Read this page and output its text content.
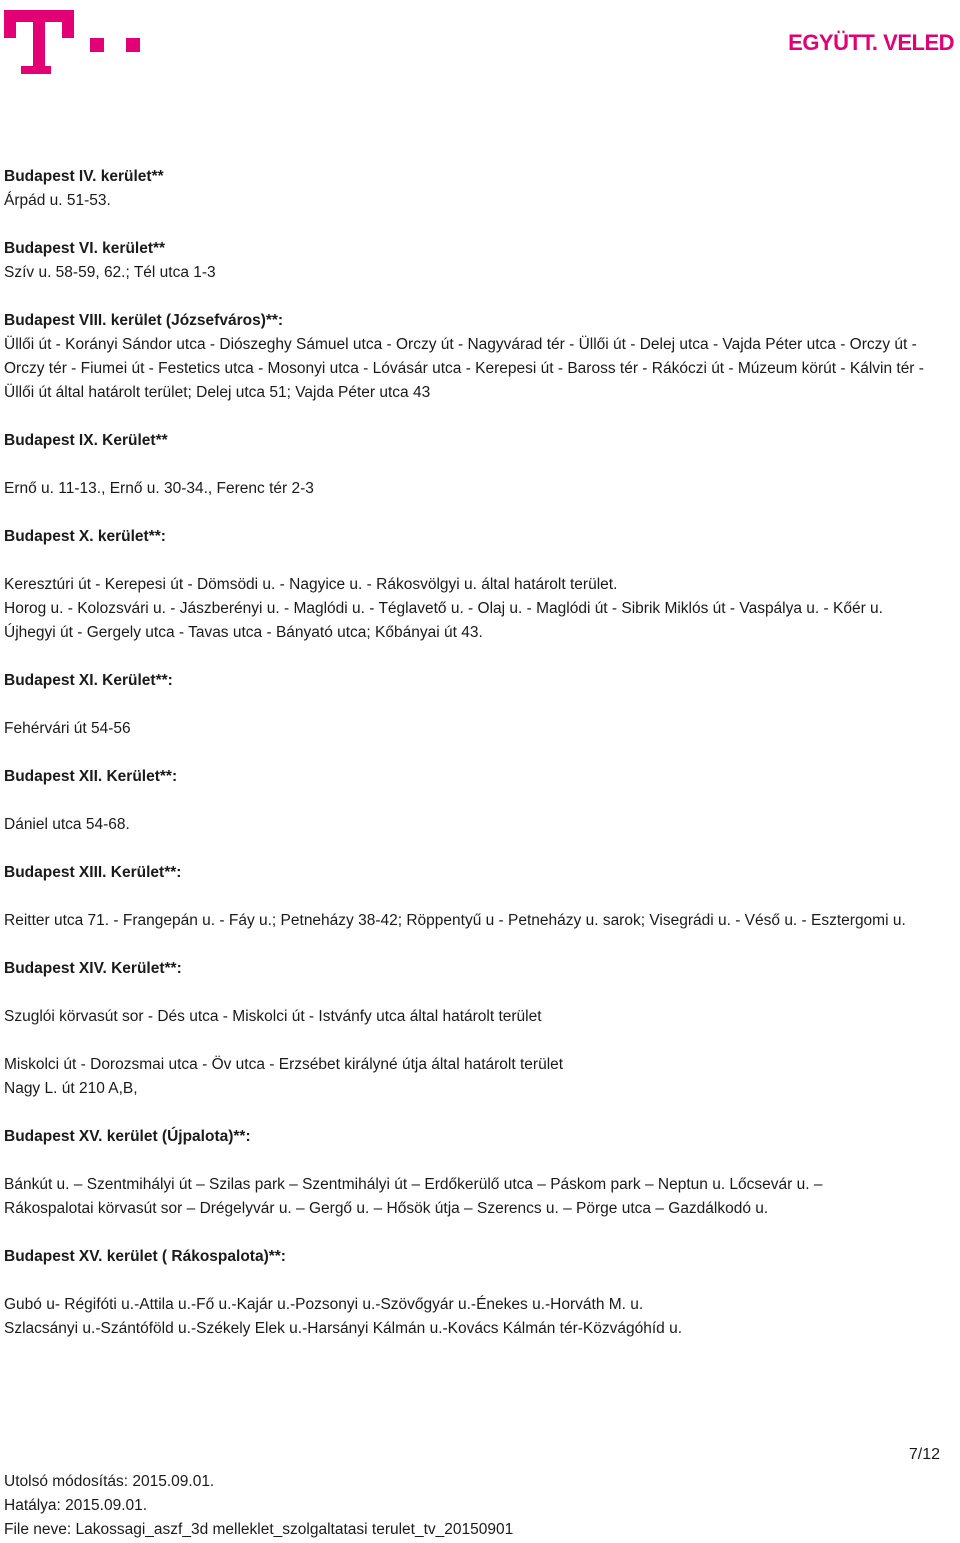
EGYÜTT. VELED
Budapest IV. kerület**
Árpád u. 51-53.
Budapest VI. kerület**
Szív u. 58-59, 62.; Tél utca 1-3
Budapest VIII. kerület (Józsefváros)**:
Üllői út - Korányi Sándor utca - Diószeghy Sámuel utca - Orczy út - Nagyvárad tér - Üllői út - Delej utca - Vajda Péter utca - Orczy út -
Orczy tér - Fiumei út - Festetics utca - Mosonyi utca - Lóvásár utca - Kerepesi út - Baross tér - Rákóczi út - Múzeum körút - Kálvin tér -
Üllői út által határolt terület; Delej utca 51; Vajda Péter utca 43
Budapest IX. Kerület**
Ernő u. 11-13., Ernő u. 30-34., Ferenc tér 2-3
Budapest X. kerület**:
Keresztúri út - Kerepesi út - Dömsödi u. - Nagyice u. - Rákosvölgyi u. által határolt terület.
Horog u. - Kolozsvári u. - Jászberényi u. - Maglódi u. - Téglavető u. - Olaj u. - Maglódi út - Sibrik Miklós út - Vaspálya u. - Kőér u.
Újhegyi út - Gergely utca - Tavas utca - Bányató utca; Kőbányai út 43.
Budapest XI. Kerület**:
Fehérvári út 54-56
Budapest XII. Kerület**:
Dániel utca 54-68.
Budapest XIII. Kerület**:
Reitter utca 71. - Frangepán u. - Fáy u.; Petneházy 38-42; Röppentyű u - Petneházy u. sarok; Visegrádi u. - Véső u. - Esztergomi u.
Budapest XIV. Kerület**:
Szuglói körvasút sor - Dés utca - Miskolci út - Istvánfy utca által határolt terület
Miskolci út - Dorozsmai utca - Öv utca - Erzsébet királyné útja által határolt terület
Nagy L. út 210 A,B,
Budapest XV. kerület (Újpalota)**:
Bánkút u. – Szentmihályi út – Szilas park – Szentmihályi út – Erdőkerülő utca – Páskom park – Neptun u. Lőcsevár u. –
Rákospalotai körvasút sor – Drégelyvár u. – Gergő u. – Hősök útja – Szerencs u. – Pörge utca – Gazdálkodó u.
Budapest XV. kerület ( Rákospalota)**:
Gubó u- Régifóti u.-Attila u.-Fő u.-Kajár u.-Pozsonyi u.-Szövőgyár u.-Énekes u.-Horváth M. u.
Szlacsányi u.-Szántóföld u.-Székely Elek u.-Harsányi Kálmán u.-Kovács Kálmán tér-Közvágóhíd u.
7/12
Utolsó módosítás: 2015.09.01.
Hatálya: 2015.09.01.
File neve: Lakossagi_aszf_3d melleklet_szolgaltatasi terulet_tv_20150901
